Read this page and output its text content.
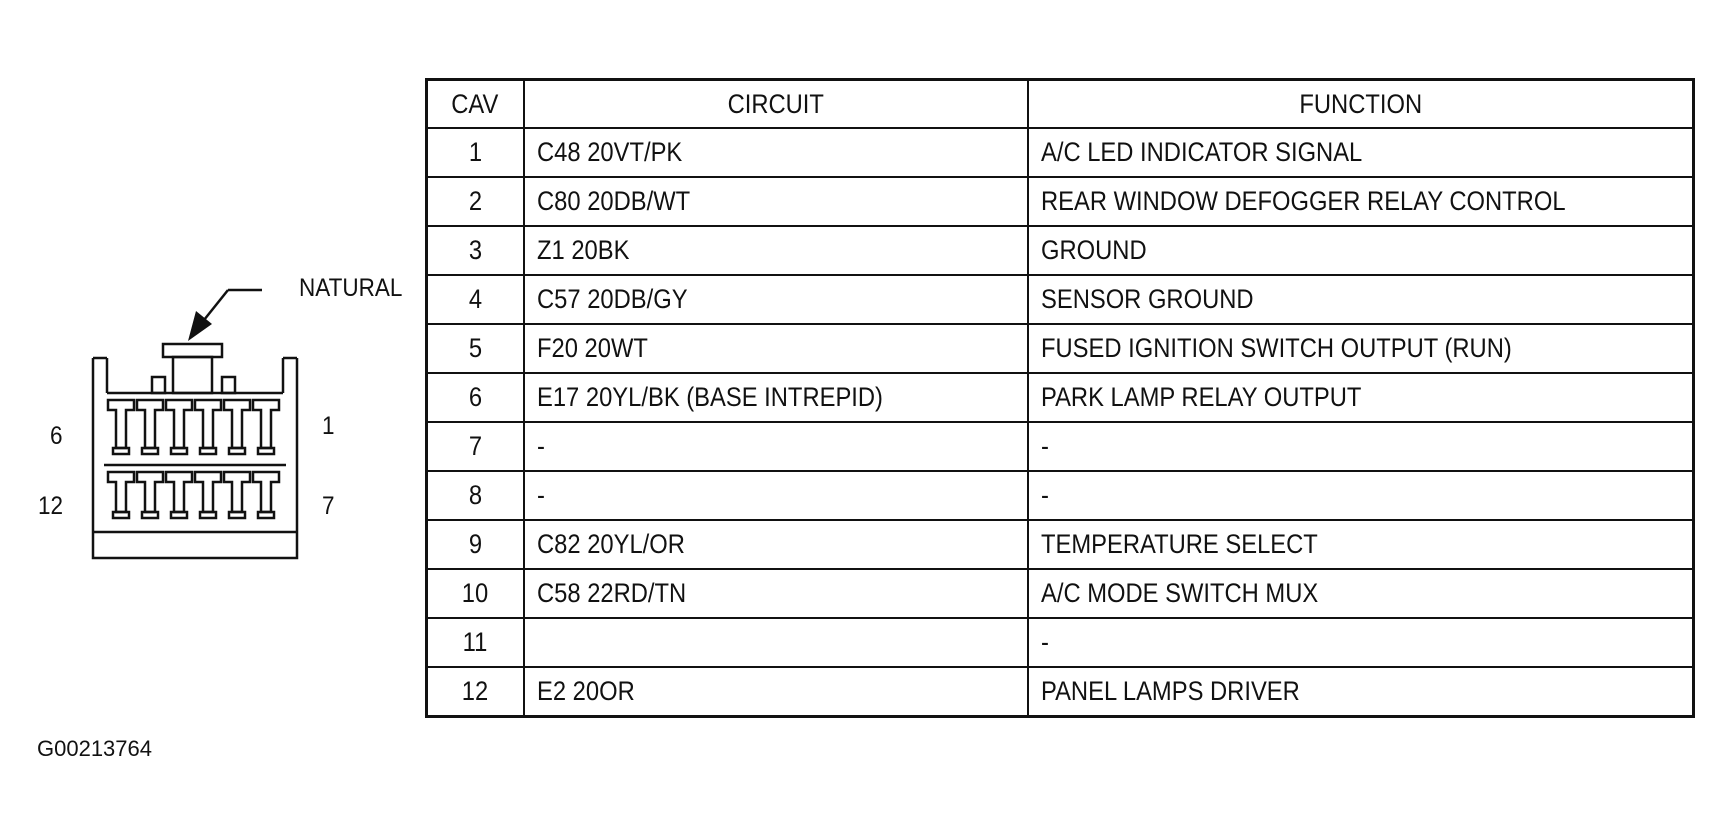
NATURAL
6	1
12	7
CAV	CIRCUIT	FUNCTION
1	C48 20VT/PK	A/C LED INDICATOR SIGNAL
2	C80 20DB/WT	REAR WINDOW DEFOGGER RELAY CONTROL
3	Z1 20BK	GROUND
4	C57 20DB/GY	SENSOR GROUND
5	F20 20WT	FUSED IGNITION SWITCH OUTPUT (RUN)
6	E17 20YL/BK (BASE INTREPID)	PARK LAMP RELAY OUTPUT
7	-	-
8	-	-
9	C82 20YL/OR	TEMPERATURE SELECT
10	C58 22RD/TN	A/C MODE SWITCH MUX
11		-
12	E2 20OR	PANEL LAMPS DRIVER
G00213764
